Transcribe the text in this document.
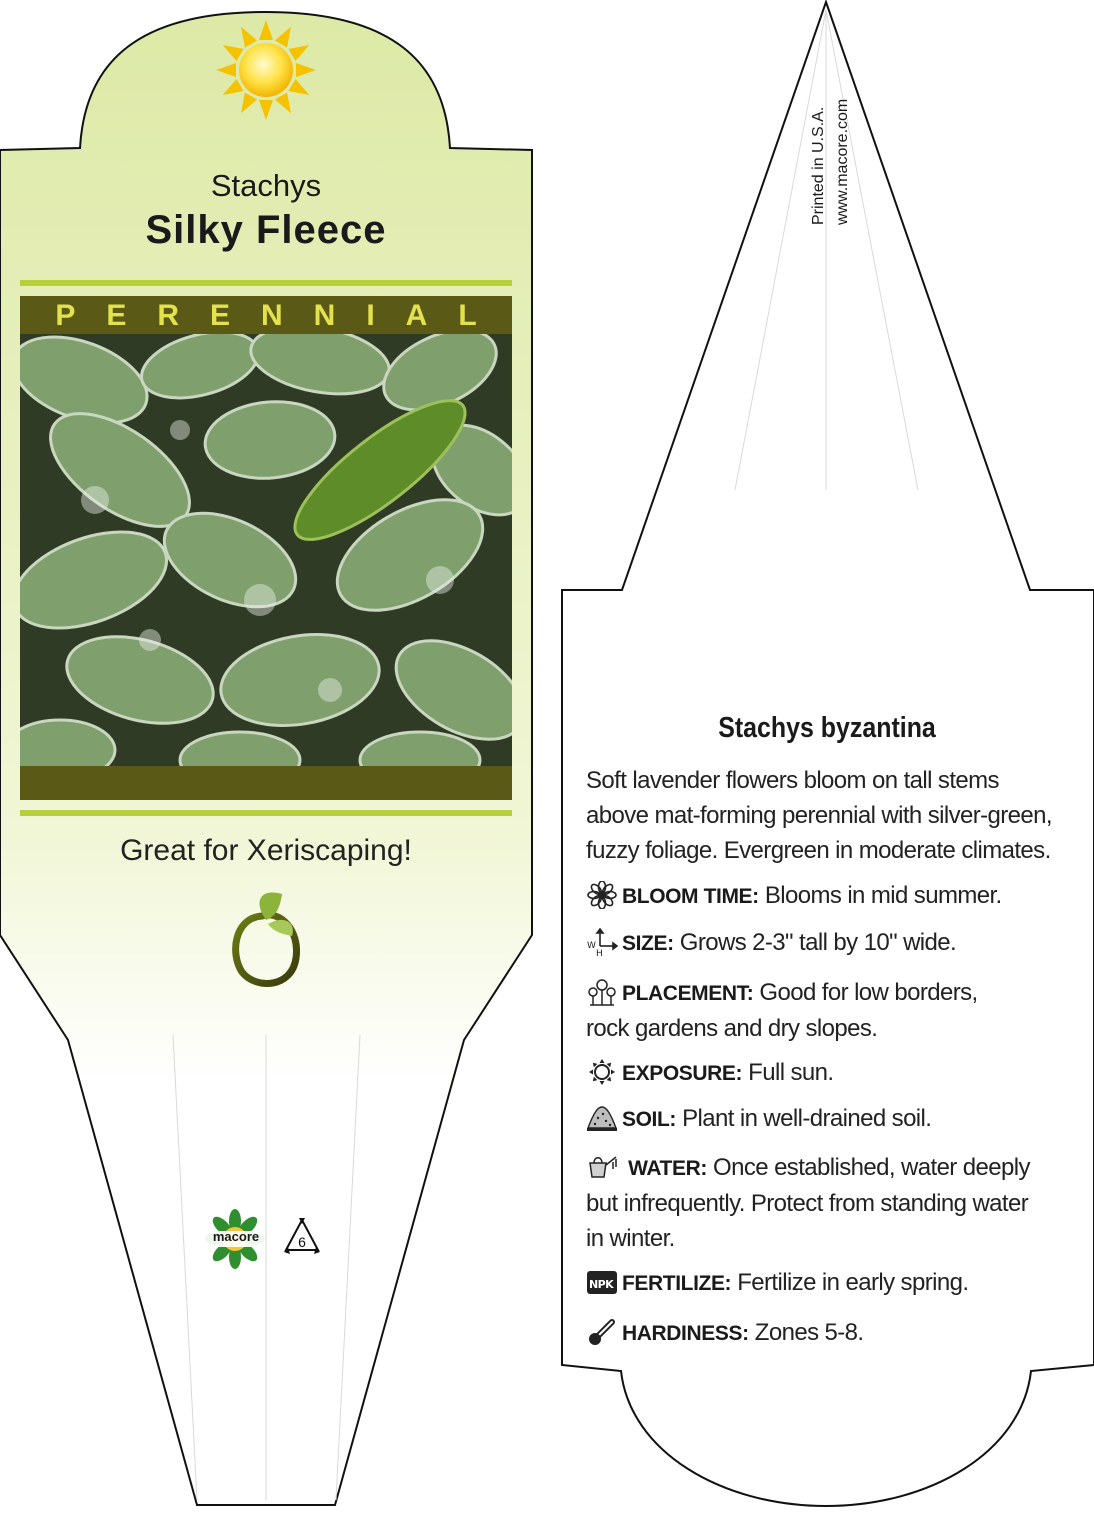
Stachys
Silky Fleece
PERENNIAL
Great for Xeriscaping!
macore	6
Printed in U.S.A. www.macore.com
Stachys byzantina
Soft lavender flowers bloom on tall stems above mat-forming perennial with silver-green, fuzzy foliage. Evergreen in moderate climates.
BLOOM TIME: Blooms in mid summer.
W
H SIZE: Grows 2-3" tall by 10" wide.
PLACEMENT: Good for low borders, rock gardens and dry slopes.
EXPOSURE: Full sun.
SOIL: Plant in well-drained soil.
WATER: Once established, water deeply but infrequently. Protect from standing water in winter.
NPK FERTILIZE: Fertilize in early spring.
HARDINESS: Zones 5-8.
